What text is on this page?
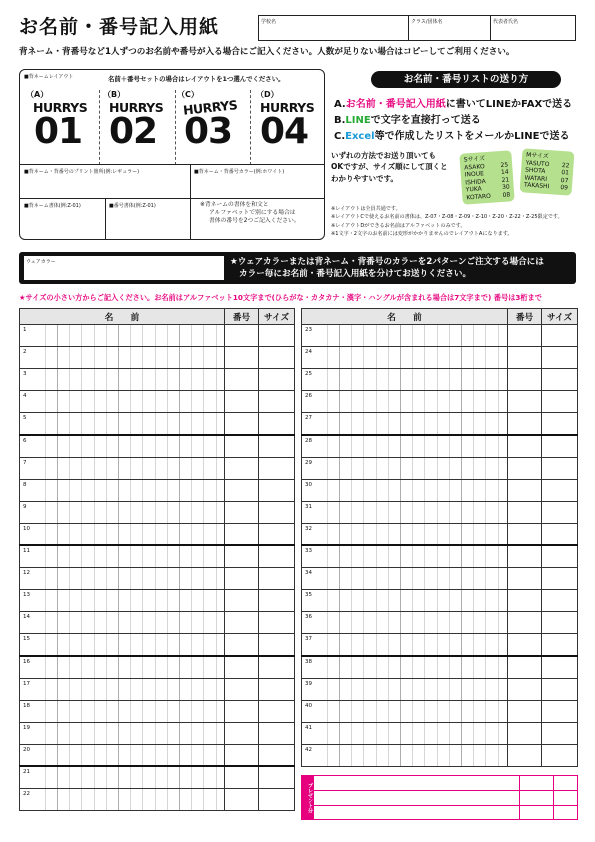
お名前・番号記入用紙	学校名	クラス/団体名	代表者氏名
背ネーム・背番号など1人ずつのお名前や番号が入る場合にご記入ください。人数が足りない場合はコピーしてご利用ください。
■背ネームレイアウト	名前＋番号セットの場合はレイアウトを1つ選んでください。
（A）
HURRYS
01
（B）
HURRYS
02
（C）
HURRYS
03
（D）
HURRYS
04
■背ネーム・背番号のプリント箇所(例:レギュラー)	■背ネーム・背番号カラー(例:ホワイト)
■背ネーム書体(例:Z-01)	■番号書体(例:Z-01)	※背ネームの書体を和文と
アルファベットで別にする場合は
書体の番号を2つご記入ください。
お名前・番号リストの送り方
A.お名前・番号記入用紙に書いてLINEかFAXで送る
B.LINEで文字を直接打って送る
C.Excel等で作成したリストをメールかLINEで送る
いずれの方法でお送り頂いても
OKですが、サイズ順にして頂くと
わかりやすいです。
Sサイズ
ASAKO	25
INOUE	14
ISHIDA	21
YUKA	30
KOTARO 08
Mサイズ
YASUTO 22
SHOTA	01
WATARI 07
TAKASHI 09
※レイアウトは全員共通です。
※レイアウトCで使えるお名前の書体は、Z-07・Z-08・Z-09・Z-10・Z-20・Z-22・Z-25限定です。
※レイアウトDができるお名前はアルファベットのみです。
※1文字・2文字のお名前には変形がかかりませんのでレイアウトAになります。
ウェアカラー	★ウェアカラーまたは背ネーム・背番号のカラーを2パターンご注文する場合には
カラー毎にお名前・番号記入用紙を分けてお送りください。
★サイズの小さい方からご記入ください。お名前はアルファベット10文字まで(ひらがな・カタカナ・漢字・ハングルが含まれる場合は7文字まで) 番号は3桁まで
名　　前	番号	サイズ

1		

2		

3		

4		

5		

6		

7		

8		

9		

10		

11		

12		

13		

14		

15		

16		

17		

18		

19		

20		

21		

22		

名　　前	番号	サイズ

23		

24		

25		

26		

27		

28		

29		

30		

31		

32		

33		

34		

35		

36		

37		

38		

39		

40		

41		

42		

プレゼント分
